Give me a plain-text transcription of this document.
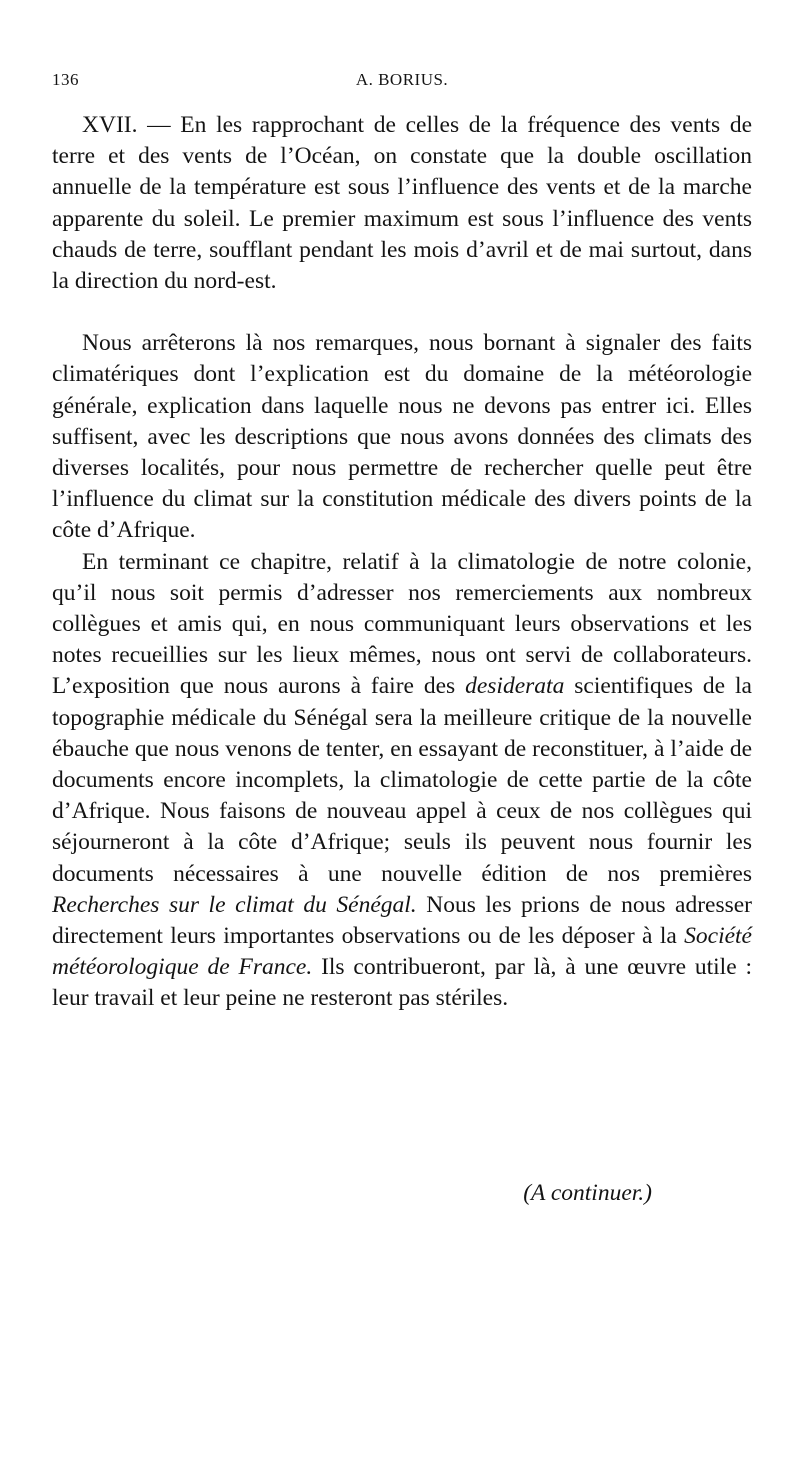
136	A. BORIUS.

XVII. — En les rapprochant de celles de la fréquence des vents de terre et des vents de l’Océan, on constate que la double oscillation annuelle de la température est sous l’influence des vents et de la marche apparente du soleil. Le premier maximum est sous l’influence des vents chauds de terre, soufflant pendant les mois d’avril et de mai surtout, dans la direction du nord-est.

Nous arrêterons là nos remarques, nous bornant à signaler des faits climatériques dont l’explication est du domaine de la météorologie générale, explication dans laquelle nous ne devons pas entrer ici. Elles suffisent, avec les descriptions que nous avons données des climats des diverses localités, pour nous permettre de rechercher quelle peut être l’influence du climat sur la constitution médicale des divers points de la côte d’Afrique.

En terminant ce chapitre, relatif à la climatologie de notre colonie, qu’il nous soit permis d’adresser nos remerciements aux nombreux collègues et amis qui, en nous communiquant leurs observations et les notes recueillies sur les lieux mêmes, nous ont servi de collaborateurs. L’exposition que nous aurons à faire des desiderata scientifiques de la topographie médicale du Sénégal sera la meilleure critique de la nouvelle ébauche que nous venons de tenter, en essayant de reconstituer, à l’aide de documents encore incomplets, la climatologie de cette partie de la côte d’Afrique. Nous faisons de nouveau appel à ceux de nos collègues qui séjourneront à la côte d’Afrique; seuls ils peuvent nous fournir les documents nécessaires à une nouvelle édition de nos premières Recherches sur le climat du Sénégal. Nous les prions de nous adresser directement leurs importantes observations ou de les déposer à la Société météorologique de France. Ils contribueront, par là, à une œuvre utile : leur travail et leur peine ne resteront pas stériles.

(A continuer.)
